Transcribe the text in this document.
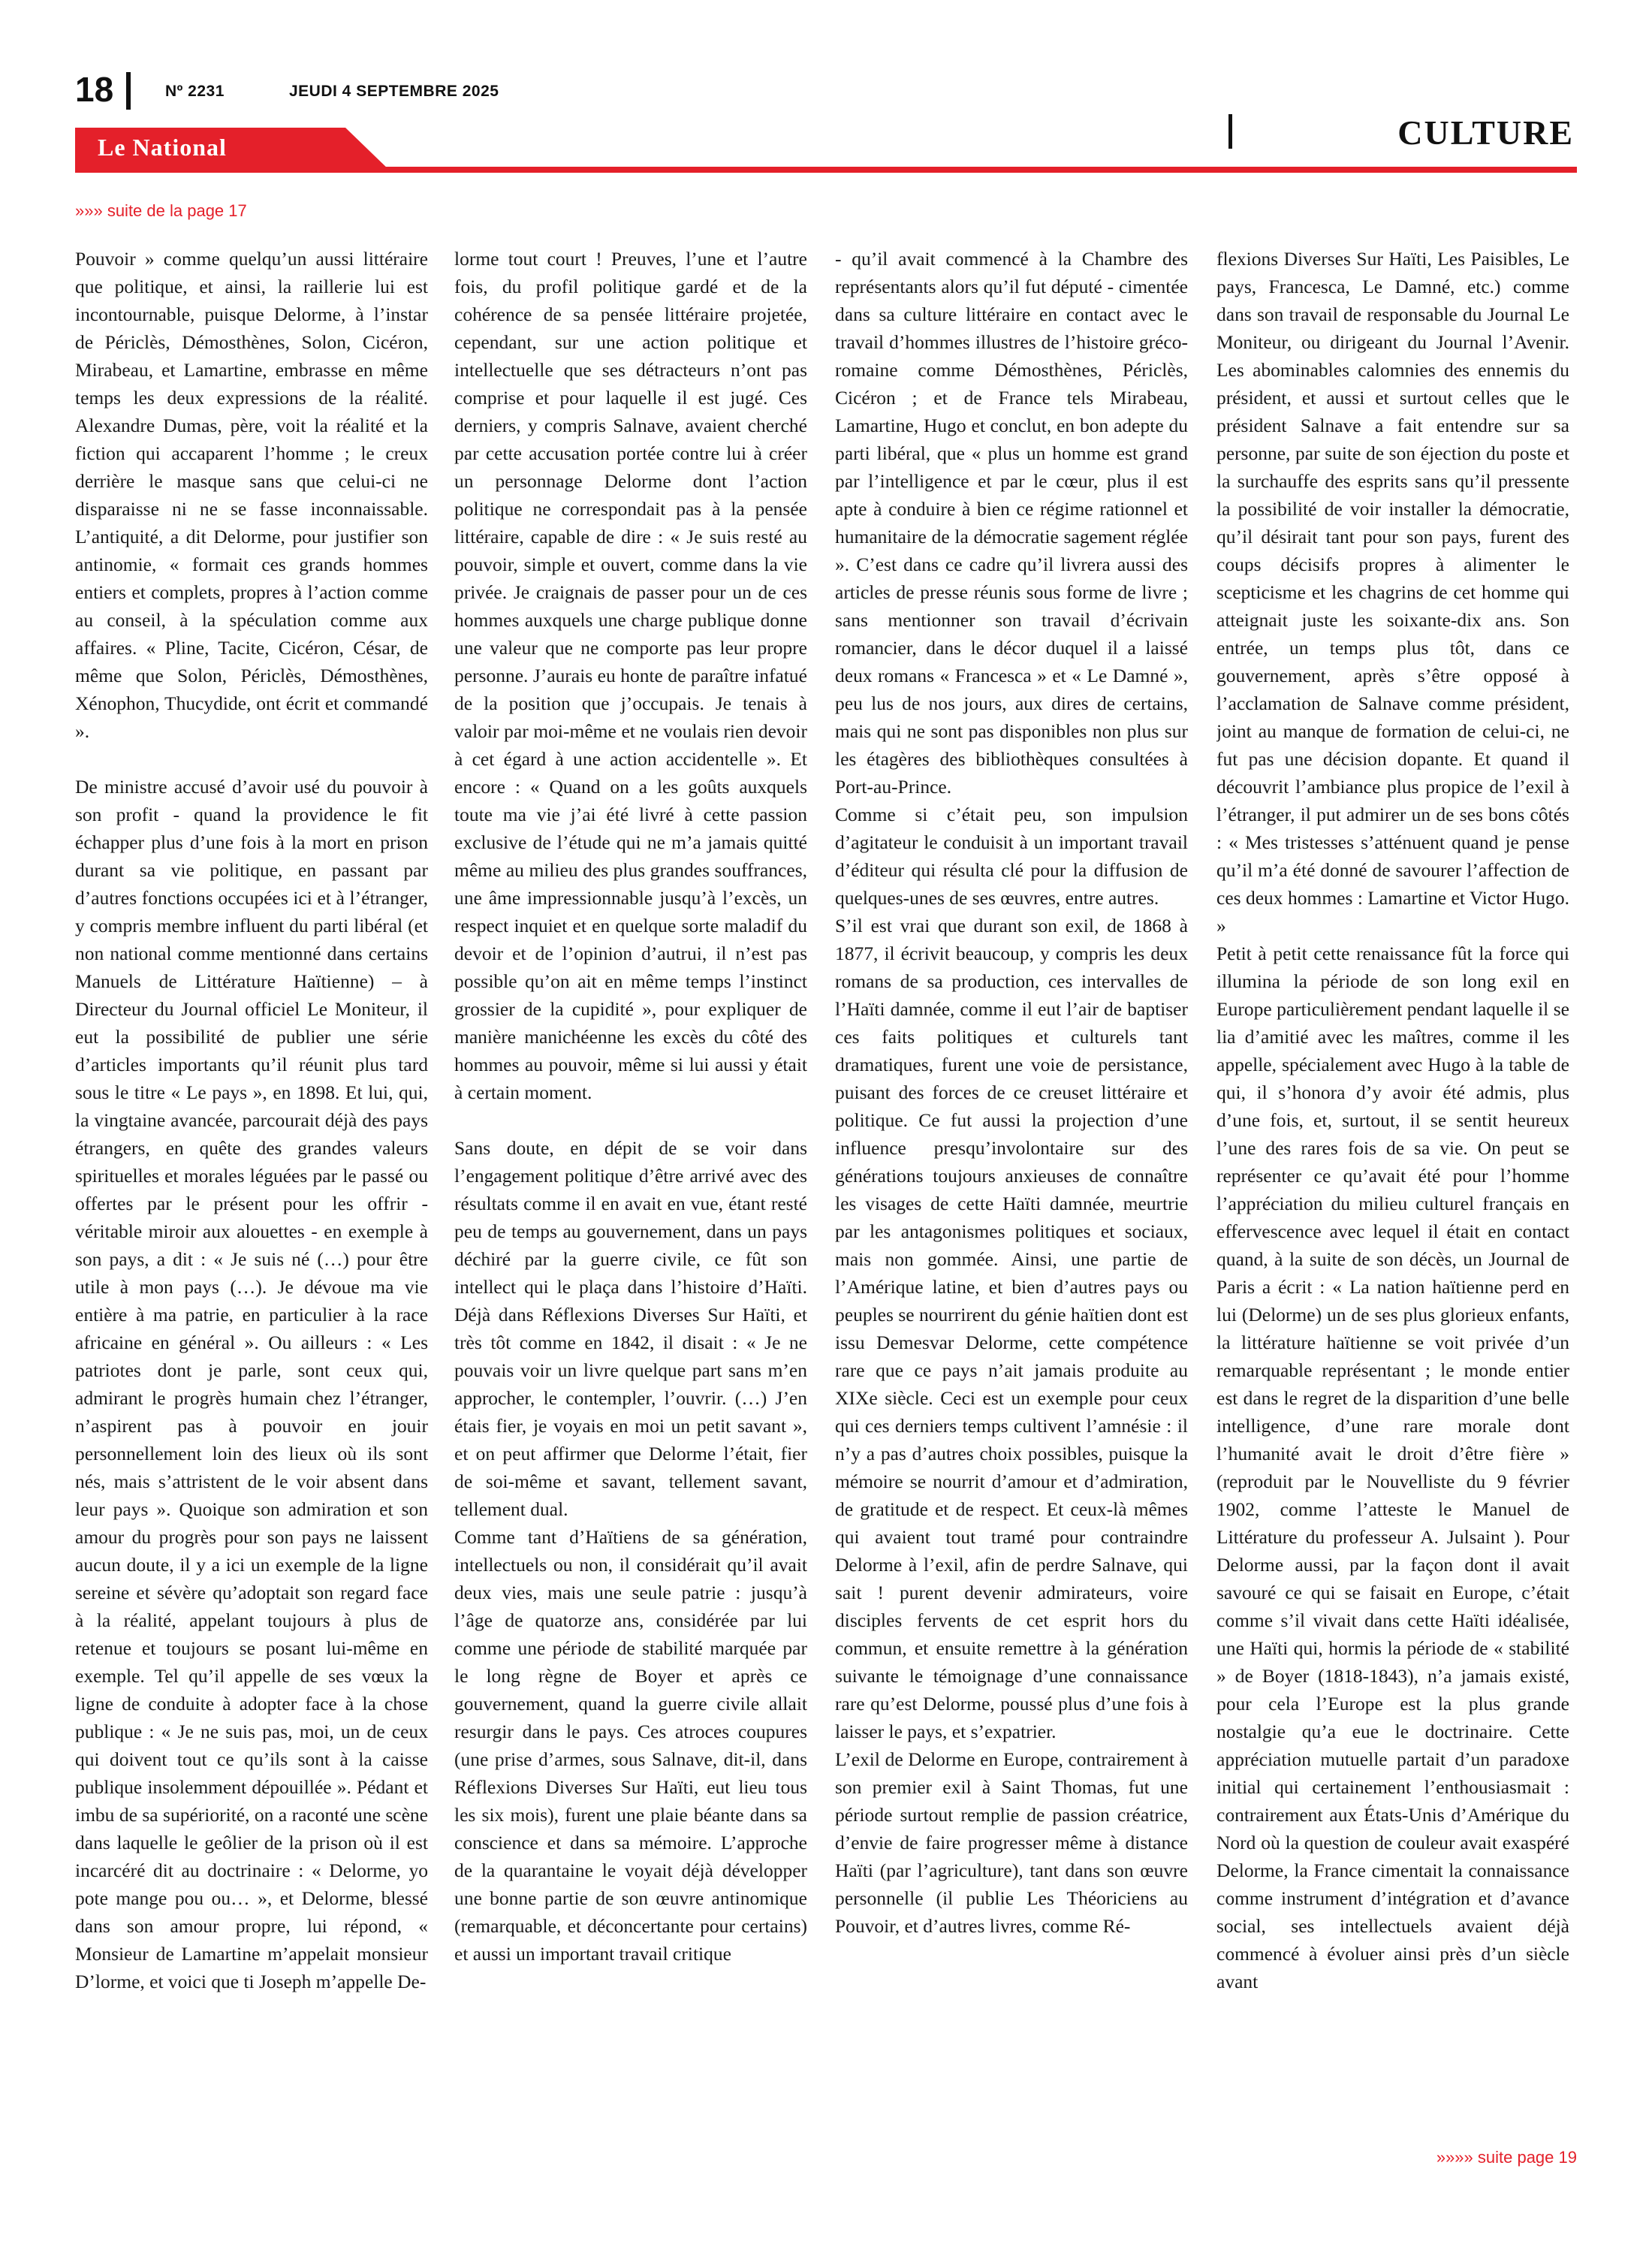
18	Nº 2231	JEUDI 4 SEPTEMBRE 2025
CULTURE
Le National
»»» suite de la page 17

Pouvoir » comme quelqu’un aussi littéraire que politique, et ainsi, la raillerie lui est incontournable, puisque Delorme, à l’instar de Périclès, Démosthènes, Solon, Cicéron, Mirabeau, et Lamartine, embrasse en même temps les deux expressions de la réalité. Alexandre Dumas, père, voit la réalité et la fiction qui accaparent l’homme ; le creux derrière le masque sans que celui-ci ne disparaisse ni ne se fasse inconnaissable. L’antiquité, a dit Delorme, pour justifier son antinomie, « formait ces grands hommes entiers et complets, propres à l’action comme au conseil, à la spéculation comme aux affaires. « Pline, Tacite, Cicéron, César, de même que Solon, Périclès, Démosthènes, Xénophon, Thucydide, ont écrit et commandé ».

De ministre accusé d’avoir usé du pouvoir à son profit - quand la providence le fit échapper plus d’une fois à la mort en prison durant sa vie politique, en passant par d’autres fonctions occupées ici et à l’étranger, y compris membre influent du parti libéral (et non national comme mentionné dans certains Manuels de Littérature Haïtienne) – à Directeur du Journal officiel Le Moniteur, il eut la possibilité de publier une série d’articles importants qu’il réunit plus tard sous le titre « Le pays », en 1898. Et lui, qui, la vingtaine avancée, parcourait déjà des pays étrangers, en quête des grandes valeurs spirituelles et morales léguées par le passé ou offertes par le présent pour les offrir - véritable miroir aux alouettes - en exemple à son pays, a dit : « Je suis né (…) pour être utile à mon pays (…). Je dévoue ma vie entière à ma patrie, en particulier à la race africaine en général ». Ou ailleurs : « Les patriotes dont je parle, sont ceux qui, admirant le progrès humain chez l’étranger, n’aspirent pas à pouvoir en jouir personnellement loin des lieux où ils sont nés, mais s’attristent de le voir absent dans leur pays ». Quoique son admiration et son amour du progrès pour son pays ne laissent aucun doute, il y a ici un exemple de la ligne sereine et sévère qu’adoptait son regard face à la réalité, appelant toujours à plus de retenue et toujours se posant lui-même en exemple. Tel qu’il appelle de ses vœux la ligne de conduite à adopter face à la chose publique : « Je ne suis pas, moi, un de ceux qui doivent tout ce qu’ils sont à la caisse publique insolemment dépouillée ». Pédant et imbu de sa supériorité, on a raconté une scène dans laquelle le geôlier de la prison où il est incarcéré dit au doctrinaire : « Delorme, yo pote mange pou ou… », et Delorme, blessé dans son amour propre, lui répond, « Monsieur de Lamartine m’appelait monsieur D’lorme, et voici que ti Joseph m’appelle De-

lorme tout court ! Preuves, l’une et l’autre fois, du profil politique gardé et de la cohérence de sa pensée littéraire projetée, cependant, sur une action politique et intellectuelle que ses détracteurs n’ont pas comprise et pour laquelle il est jugé. Ces derniers, y compris Salnave, avaient cherché par cette accusation portée contre lui à créer un personnage Delorme dont l’action politique ne correspondait pas à la pensée littéraire, capable de dire : « Je suis resté au pouvoir, simple et ouvert, comme dans la vie privée. Je craignais de passer pour un de ces hommes auxquels une charge publique donne une valeur que ne comporte pas leur propre personne. J’aurais eu honte de paraître infatué de la position que j’occupais. Je tenais à valoir par moi-même et ne voulais rien devoir à cet égard à une action accidentelle ». Et encore : « Quand on a les goûts auxquels toute ma vie j’ai été livré à cette passion exclusive de l’étude qui ne m’a jamais quitté même au milieu des plus grandes souffrances, une âme impressionnable jusqu’à l’excès, un respect inquiet et en quelque sorte maladif du devoir et de l’opinion d’autrui, il n’est pas possible qu’on ait en même temps l’instinct grossier de la cupidité », pour expliquer de manière manichéenne les excès du côté des hommes au pouvoir, même si lui aussi y était à certain moment.

Sans doute, en dépit de se voir dans l’engagement politique d’être arrivé avec des résultats comme il en avait en vue, étant resté peu de temps au gouvernement, dans un pays déchiré par la guerre civile, ce fût son intellect qui le plaça dans l’histoire d’Haïti. Déjà dans Réflexions Diverses Sur Haïti, et très tôt comme en 1842, il disait : « Je ne pouvais voir un livre quelque part sans m’en approcher, le contempler, l’ouvrir. (…) J’en étais fier, je voyais en moi un petit savant », et on peut affirmer que Delorme l’était, fier de soi-même et savant, tellement savant, tellement dual.

Comme tant d’Haïtiens de sa génération, intellectuels ou non, il considérait qu’il avait deux vies, mais une seule patrie : jusqu’à l’âge de quatorze ans, considérée par lui comme une période de stabilité marquée par le long règne de Boyer et après ce gouvernement, quand la guerre civile allait resurgir dans le pays. Ces atroces coupures (une prise d’armes, sous Salnave, dit-il, dans Réflexions Diverses Sur Haïti, eut lieu tous les six mois), furent une plaie béante dans sa conscience et dans sa mémoire. L’approche de la quarantaine le voyait déjà développer une bonne partie de son œuvre antinomique (remarquable, et déconcertante pour certains) et aussi un important travail critique

- qu’il avait commencé à la Chambre des représentants alors qu’il fut député - cimentée dans sa culture littéraire en contact avec le travail d’hommes illustres de l’histoire gréco-romaine comme Démosthènes, Périclès, Cicéron ; et de France tels Mirabeau, Lamartine, Hugo et conclut, en bon adepte du parti libéral, que « plus un homme est grand par l’intelligence et par le cœur, plus il est apte à conduire à bien ce régime rationnel et humanitaire de la démocratie sagement réglée ». C’est dans ce cadre qu’il livrera aussi des articles de presse réunis sous forme de livre ; sans mentionner son travail d’écrivain romancier, dans le décor duquel il a laissé deux romans « Francesca » et « Le Damné », peu lus de nos jours, aux dires de certains, mais qui ne sont pas disponibles non plus sur les étagères des bibliothèques consultées à Port-au-Prince.

Comme si c’était peu, son impulsion d’agitateur le conduisit à un important travail d’éditeur qui résulta clé pour la diffusion de quelques-unes de ses œuvres, entre autres.

S’il est vrai que durant son exil, de 1868 à 1877, il écrivit beaucoup, y compris les deux romans de sa production, ces intervalles de l’Haïti damnée, comme il eut l’air de baptiser ces faits politiques et culturels tant dramatiques, furent une voie de persistance, puisant des forces de ce creuset littéraire et politique. Ce fut aussi la projection d’une influence presqu’involontaire sur des générations toujours anxieuses de connaître les visages de cette Haïti damnée, meurtrie par les antagonismes politiques et sociaux, mais non gommée. Ainsi, une partie de l’Amérique latine, et bien d’autres pays ou peuples se nourrirent du génie haïtien dont est issu Demesvar Delorme, cette compétence rare que ce pays n’ait jamais produite au XIXe siècle. Ceci est un exemple pour ceux qui ces derniers temps cultivent l’amnésie : il n’y a pas d’autres choix possibles, puisque la mémoire se nourrit d’amour et d’admiration, de gratitude et de respect. Et ceux-là mêmes qui avaient tout tramé pour contraindre Delorme à l’exil, afin de perdre Salnave, qui sait ! purent devenir admirateurs, voire disciples fervents de cet esprit hors du commun, et ensuite remettre à la génération suivante le témoignage d’une connaissance rare qu’est Delorme, poussé plus d’une fois à laisser le pays, et s’expatrier.

L’exil de Delorme en Europe, contrairement à son premier exil à Saint Thomas, fut une période surtout remplie de passion créatrice, d’envie de faire progresser même à distance Haïti (par l’agriculture), tant dans son œuvre personnelle (il publie Les Théoriciens au Pouvoir, et d’autres livres, comme Ré-

flexions Diverses Sur Haïti, Les Paisibles, Le pays, Francesca, Le Damné, etc.) comme dans son travail de responsable du Journal Le Moniteur, ou dirigeant du Journal l’Avenir. Les abominables calomnies des ennemis du président, et aussi et surtout celles que le président Salnave a fait entendre sur sa personne, par suite de son éjection du poste et la surchauffe des esprits sans qu’il pressente la possibilité de voir installer la démocratie, qu’il désirait tant pour son pays, furent des coups décisifs propres à alimenter le scepticisme et les chagrins de cet homme qui atteignait juste les soixante-dix ans. Son entrée, un temps plus tôt, dans ce gouvernement, après s’être opposé à l’acclamation de Salnave comme président, joint au manque de formation de celui-ci, ne fut pas une décision dopante. Et quand il découvrit l’ambiance plus propice de l’exil à l’étranger, il put admirer un de ses bons côtés : « Mes tristesses s’atténuent quand je pense qu’il m’a été donné de savourer l’affection de ces deux hommes : Lamartine et Victor Hugo. »

Petit à petit cette renaissance fût la force qui illumina la période de son long exil en Europe particulièrement pendant laquelle il se lia d’amitié avec les maîtres, comme il les appelle, spécialement avec Hugo à la table de qui, il s’honora d’y avoir été admis, plus d’une fois, et, surtout, il se sentit heureux l’une des rares fois de sa vie. On peut se représenter ce qu’avait été pour l’homme l’appréciation du milieu culturel français en effervescence avec lequel il était en contact quand, à la suite de son décès, un Journal de Paris a écrit : « La nation haïtienne perd en lui (Delorme) un de ses plus glorieux enfants, la littérature haïtienne se voit privée d’un remarquable représentant ; le monde entier est dans le regret de la disparition d’une belle intelligence, d’une rare morale dont l’humanité avait le droit d’être fière » (reproduit par le Nouvelliste du 9 février 1902, comme l’atteste le Manuel de Littérature du professeur A. Julsaint ). Pour Delorme aussi, par la façon dont il avait savouré ce qui se faisait en Europe, c’était comme s’il vivait dans cette Haïti idéalisée, une Haïti qui, hormis la période de « stabilité » de Boyer (1818-1843), n’a jamais existé, pour cela l’Europe est la plus grande nostalgie qu’a eue le doctrinaire. Cette appréciation mutuelle partait d’un paradoxe initial qui certainement l’enthousiasmait : contrairement aux États-Unis d’Amérique du Nord où la question de couleur avait exaspéré Delorme, la France cimentait la connaissance comme instrument d’intégration et d’avance social, ses intellectuels avaient déjà commencé à évoluer ainsi près d’un siècle avant

»»»» suite page 19
